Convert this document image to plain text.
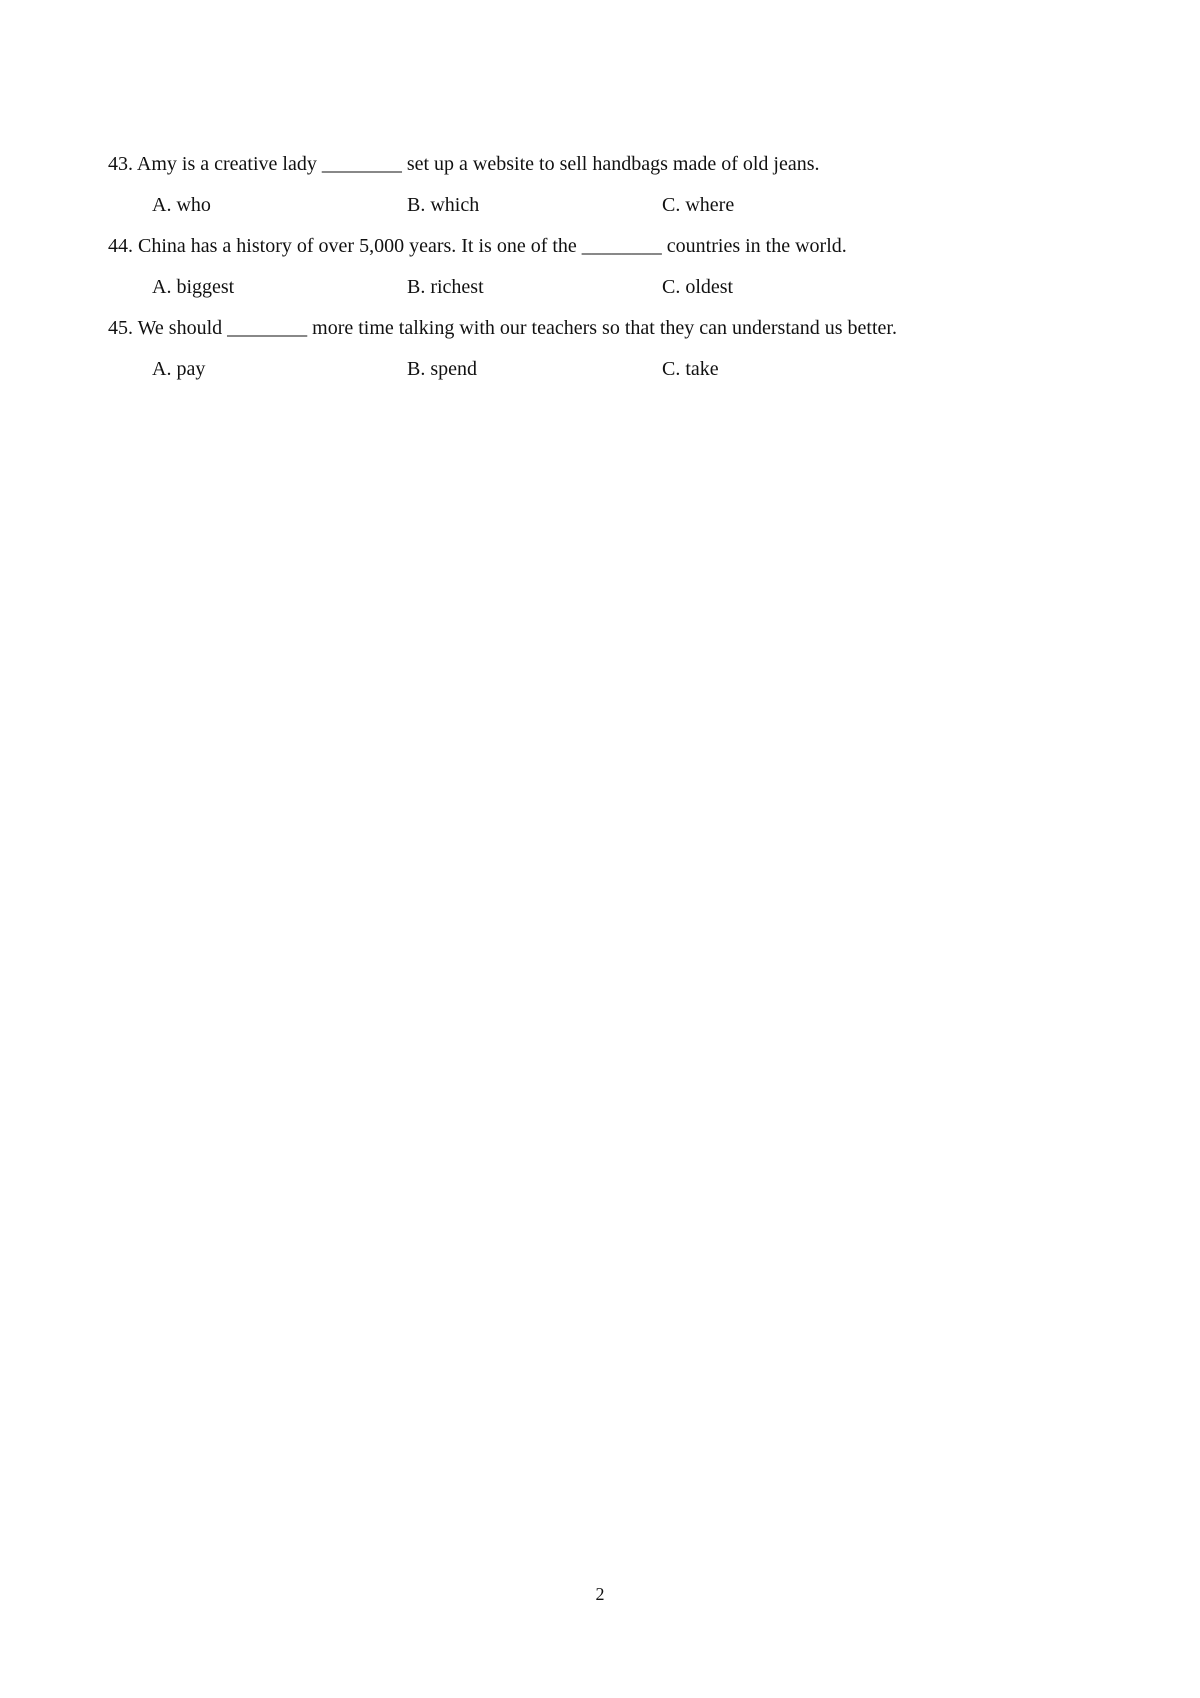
43. Amy is a creative lady ________ set up a website to sell handbags made of old jeans.
A. who	B. which	C. where
44. China has a history of over 5,000 years. It is one of the ________ countries in the world.
A. biggest	B. richest	C. oldest
45. We should ________ more time talking with our teachers so that they can understand us better.
A. pay	B. spend	C. take
2
